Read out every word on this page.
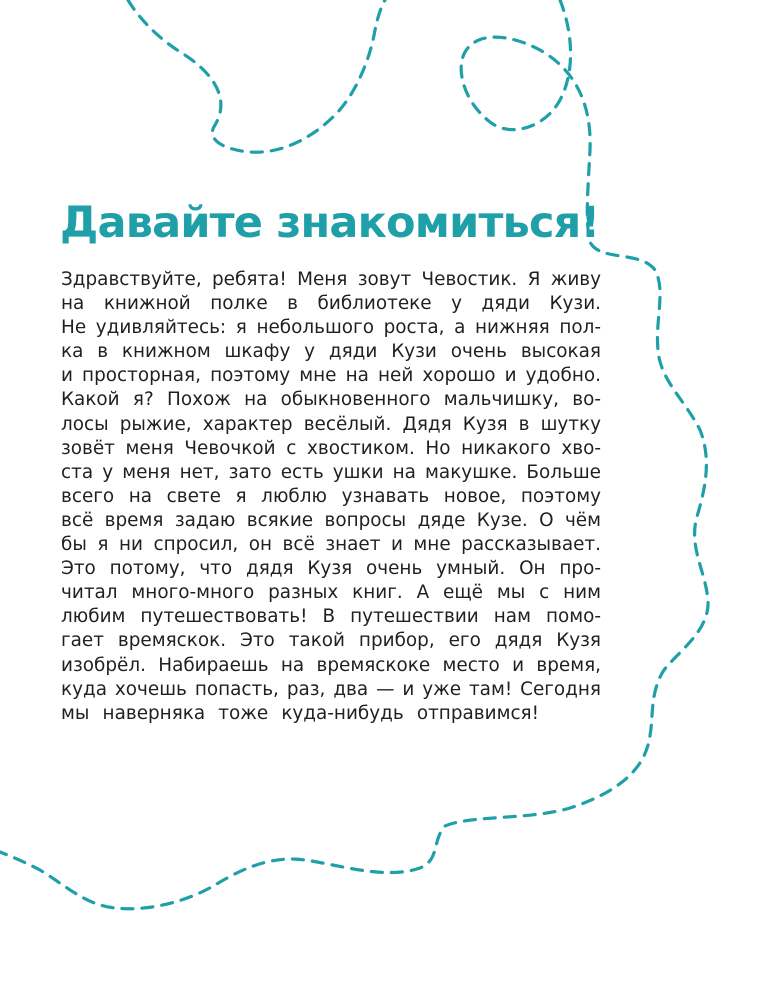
Давайте знакомиться!
Здравствуйте, ребята! Меня зовут Чевостик. Я живу
на книжной полке в библиотеке у дяди Кузи.
Не удивляйтесь: я небольшого роста, а нижняя пол-
ка в книжном шкафу у дяди Кузи очень высокая
и просторная, поэтому мне на ней хорошо и удобно.
Какой я? Похож на обыкновенного мальчишку, во-
лосы рыжие, характер весёлый. Дядя Кузя в шутку
зовёт меня Чевочкой с хвостиком. Но никакого хво-
ста у меня нет, зато есть ушки на макушке. Больше
всего на свете я люблю узнавать новое, поэтому
всё время задаю всякие вопросы дяде Кузе. О чём
бы я ни спросил, он всё знает и мне рассказывает.
Это потому, что дядя Кузя очень умный. Он про-
читал много-много разных книг. А ещё мы с ним
любим путешествовать! В путешествии нам помо-
гает времяскок. Это такой прибор, его дядя Кузя
изобрёл. Набираешь на времяскоке место и время,
куда хочешь попасть, раз, два — и уже там! Сегодня
мы наверняка тоже куда-нибудь отправимся!
